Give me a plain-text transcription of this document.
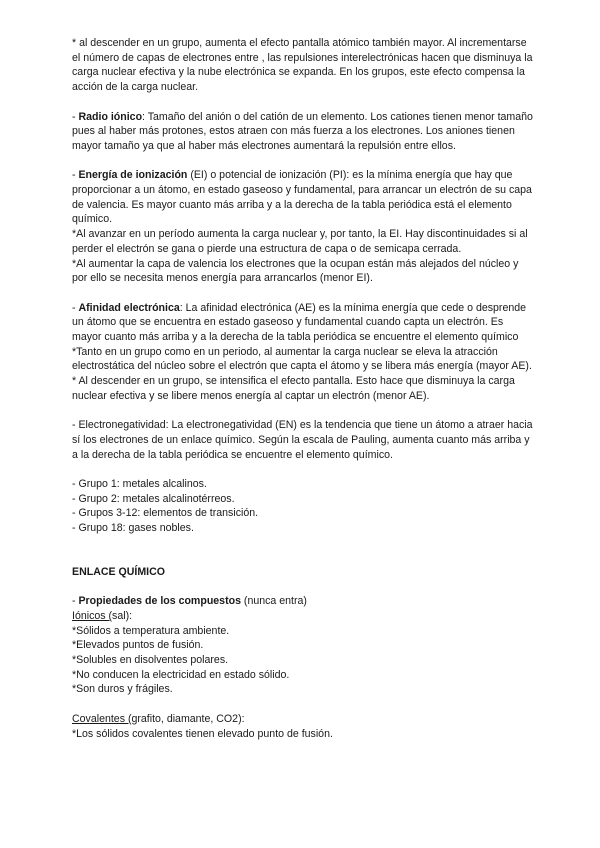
* al descender en un grupo, aumenta el efecto pantalla atómico también mayor. Al incrementarse el número de capas de electrones entre , las repulsiones interelectrónicas hacen que disminuya la carga nuclear efectiva y la nube electrónica se expanda. En los grupos, este efecto compensa la acción de la carga nuclear.

- Radio iónico: Tamaño del anión o del catión de un elemento. Los cationes tienen menor tamaño pues al haber más protones, estos atraen con más fuerza a los electrones. Los aniones tienen mayor tamaño ya que al haber más electrones aumentará la repulsión entre ellos.

- Energía de ionización (EI) o potencial de ionización (PI): es la mínima energía que hay que proporcionar a un átomo, en estado gaseoso y fundamental, para arrancar un electrón de su capa de valencia. Es mayor cuanto más arriba y a la derecha de la tabla periódica está el elemento químico.

*Al avanzar en un período aumenta la carga nuclear y, por tanto, la EI. Hay discontinuidades si al perder el electrón se gana o pierde una estructura de capa o de semicapa cerrada.

*Al aumentar la capa de valencia los electrones que la ocupan están más alejados del núcleo y por ello se necesita menos energía para arrancarlos (menor EI).

- Afinidad electrónica: La afinidad electrónica (AE) es la mínima energía que cede o desprende un átomo que se encuentra en estado gaseoso y fundamental cuando capta un electrón. Es mayor cuanto más arriba y a la derecha de la tabla periódica se encuentre el elemento químico

*Tanto en un grupo como en un periodo, al aumentar la carga nuclear se eleva la atracción electrostática del núcleo sobre el electrón que capta el átomo y se libera más energía (mayor AE).

* Al descender en un grupo, se intensifica el efecto pantalla. Esto hace que disminuya la carga nuclear efectiva y se libere menos energía al captar un electrón (menor AE).

- Electronegatividad: La electronegatividad (EN) es la tendencia que tiene un átomo a atraer hacia sí los electrones de un enlace químico. Según la escala de Pauling, aumenta cuanto más arriba y a la derecha de la tabla periódica se encuentre el elemento químico.

- Grupo 1: metales alcalinos.

- Grupo 2: metales alcalinotérreos.

- Grupos 3-12: elementos de transición.

- Grupo 18: gases nobles.

ENLACE QUÍMICO

- Propiedades de los compuestos (nunca entra)

Iónicos (sal):

*Sólidos a temperatura ambiente.

*Elevados puntos de fusión.

*Solubles en disolventes polares.

*No conducen la electricidad en estado sólido.

*Son duros y frágiles.

Covalentes (grafito, diamante, CO2):

*Los sólidos covalentes tienen elevado punto de fusión.
